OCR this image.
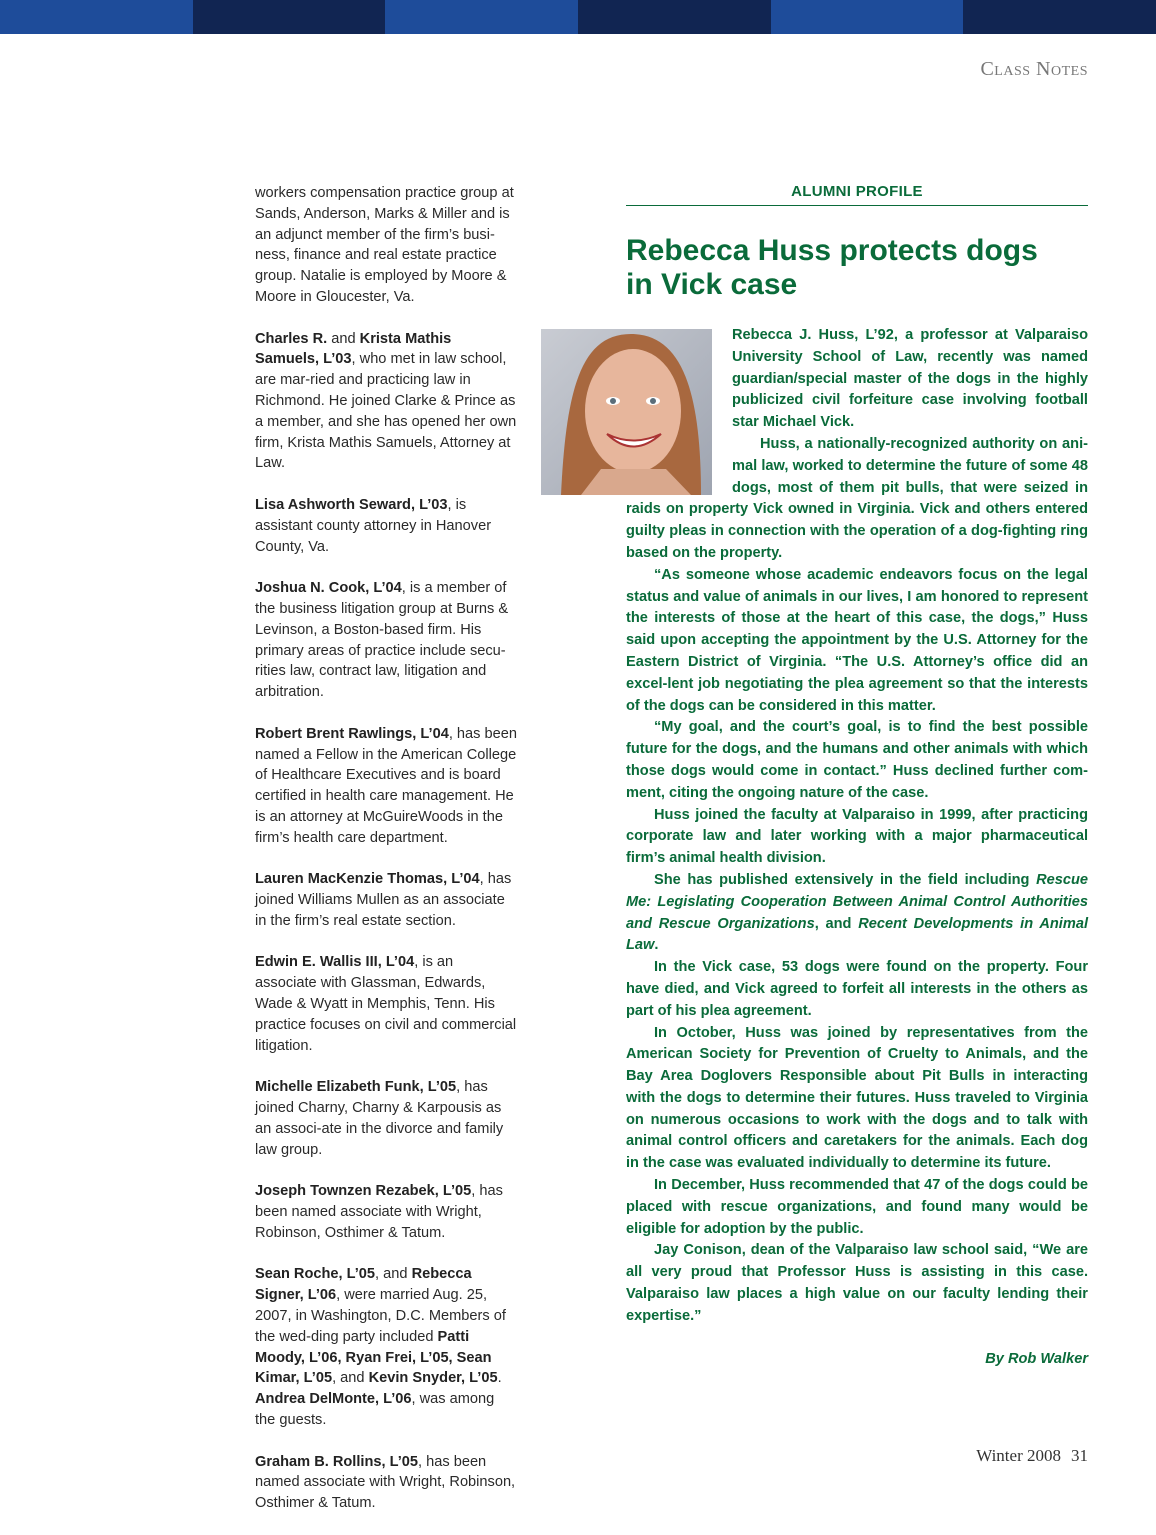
Class Notes
workers compensation practice group at Sands, Anderson, Marks & Miller and is an adjunct member of the firm’s busi-ness, finance and real estate practice group. Natalie is employed by Moore & Moore in Gloucester, Va.
Charles R. and Krista Mathis Samuels, L’03, who met in law school, are mar-ried and practicing law in Richmond. He joined Clarke & Prince as a member, and she has opened her own firm, Krista Mathis Samuels, Attorney at Law.
Lisa Ashworth Seward, L’03, is assistant county attorney in Hanover County, Va.
Joshua N. Cook, L’04, is a member of the business litigation group at Burns & Levinson, a Boston-based firm. His primary areas of practice include secu-rities law, contract law, litigation and arbitration.
Robert Brent Rawlings, L’04, has been named a Fellow in the American College of Healthcare Executives and is board certified in health care management. He is an attorney at McGuireWoods in the firm’s health care department.
Lauren MacKenzie Thomas, L’04, has joined Williams Mullen as an associate in the firm’s real estate section.
Edwin E. Wallis III, L’04, is an associate with Glassman, Edwards, Wade & Wyatt in Memphis, Tenn. His practice focuses on civil and commercial litigation.
Michelle Elizabeth Funk, L’05, has joined Charny, Charny & Karpousis as an associ-ate in the divorce and family law group.
Joseph Townzen Rezabek, L’05, has been named associate with Wright, Robinson, Osthimer & Tatum.
Sean Roche, L’05, and Rebecca Signer, L’06, were married Aug. 25, 2007, in Washington, D.C. Members of the wed-ding party included Patti Moody, L’06, Ryan Frei, L’05, Sean Kimar, L’05, and Kevin Snyder, L’05. Andrea DelMonte, L’06, was among the guests.
Graham B. Rollins, L’05, has been named associate with Wright, Robinson, Osthimer & Tatum.
ALUMNI PROFILE
Rebecca Huss protects dogs in Vick case

Rebecca J. Huss, L’92, a professor at Valparaiso University School of Law, recently was named guardian/special master of the dogs in the highly publicized civil forfeiture case involving football star Michael Vick.

Huss, a nationally-recognized authority on ani-mal law, worked to determine the future of some 48 dogs, most of them pit bulls, that were seized in raids on property Vick owned in Virginia. Vick and others entered guilty pleas in connection with the operation of a dog-fighting ring based on the property.

“As someone whose academic endeavors focus on the legal status and value of animals in our lives, I am honored to represent the interests of those at the heart of this case, the dogs,” Huss said upon accepting the appointment by the U.S. Attorney for the Eastern District of Virginia. “The U.S. Attorney’s office did an excel-lent job negotiating the plea agreement so that the interests of the dogs can be considered in this matter.

“My goal, and the court’s goal, is to find the best possible future for the dogs, and the humans and other animals with which those dogs would come in contact.” Huss declined further com-ment, citing the ongoing nature of the case.

Huss joined the faculty at Valparaiso in 1999, after practicing corporate law and later working with a major pharmaceutical firm’s animal health division.

She has published extensively in the field including Rescue Me: Legislating Cooperation Between Animal Control Authorities and Rescue Organizations, and Recent Developments in Animal Law.

In the Vick case, 53 dogs were found on the property. Four have died, and Vick agreed to forfeit all interests in the others as part of his plea agreement.

In October, Huss was joined by representatives from the American Society for Prevention of Cruelty to Animals, and the Bay Area Doglovers Responsible about Pit Bulls in interacting with the dogs to determine their futures. Huss traveled to Virginia on numerous occasions to work with the dogs and to talk with animal control officers and caretakers for the animals. Each dog in the case was evaluated individually to determine its future.

In December, Huss recommended that 47 of the dogs could be placed with rescue organizations, and found many would be eligible for adoption by the public.

Jay Conison, dean of the Valparaiso law school said, “We are all very proud that Professor Huss is assisting in this case. Valparaiso law places a high value on our faculty lending their expertise.”

By Rob Walker
Winter 2008 31
